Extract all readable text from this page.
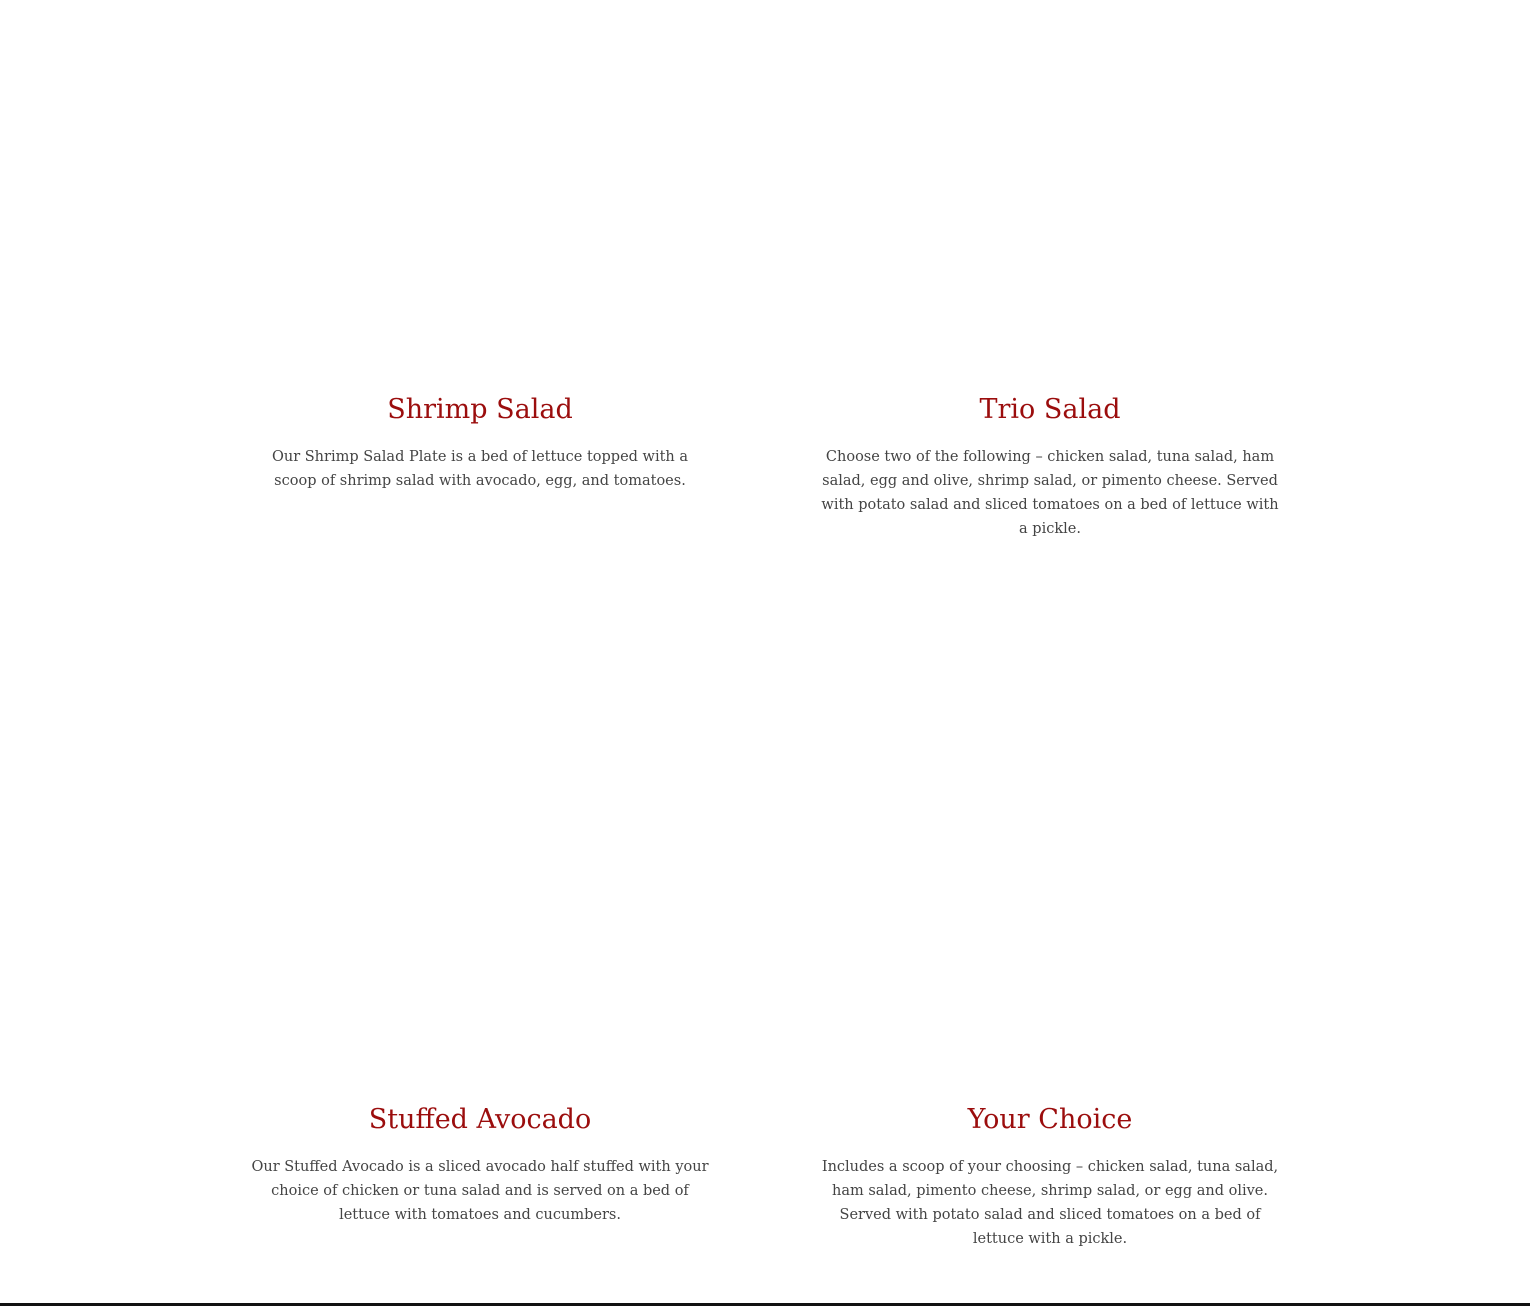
Shrimp Salad

Our Shrimp Salad Plate is a bed of lettuce topped with a scoop of shrimp salad with avocado, egg, and tomatoes.

Trio Salad

Choose two of the following – chicken salad, tuna salad, ham salad, egg and olive, shrimp salad, or pimento cheese. Served with potato salad and sliced tomatoes on a bed of lettuce with a pickle.

Stuffed Avocado

Our Stuffed Avocado is a sliced avocado half stuffed with your choice of chicken or tuna salad and is served on a bed of lettuce with tomatoes and cucumbers.

Your Choice

Includes a scoop of your choosing – chicken salad, tuna salad, ham salad, pimento cheese, shrimp salad, or egg and olive. Served with potato salad and sliced tomatoes on a bed of lettuce with a pickle.
